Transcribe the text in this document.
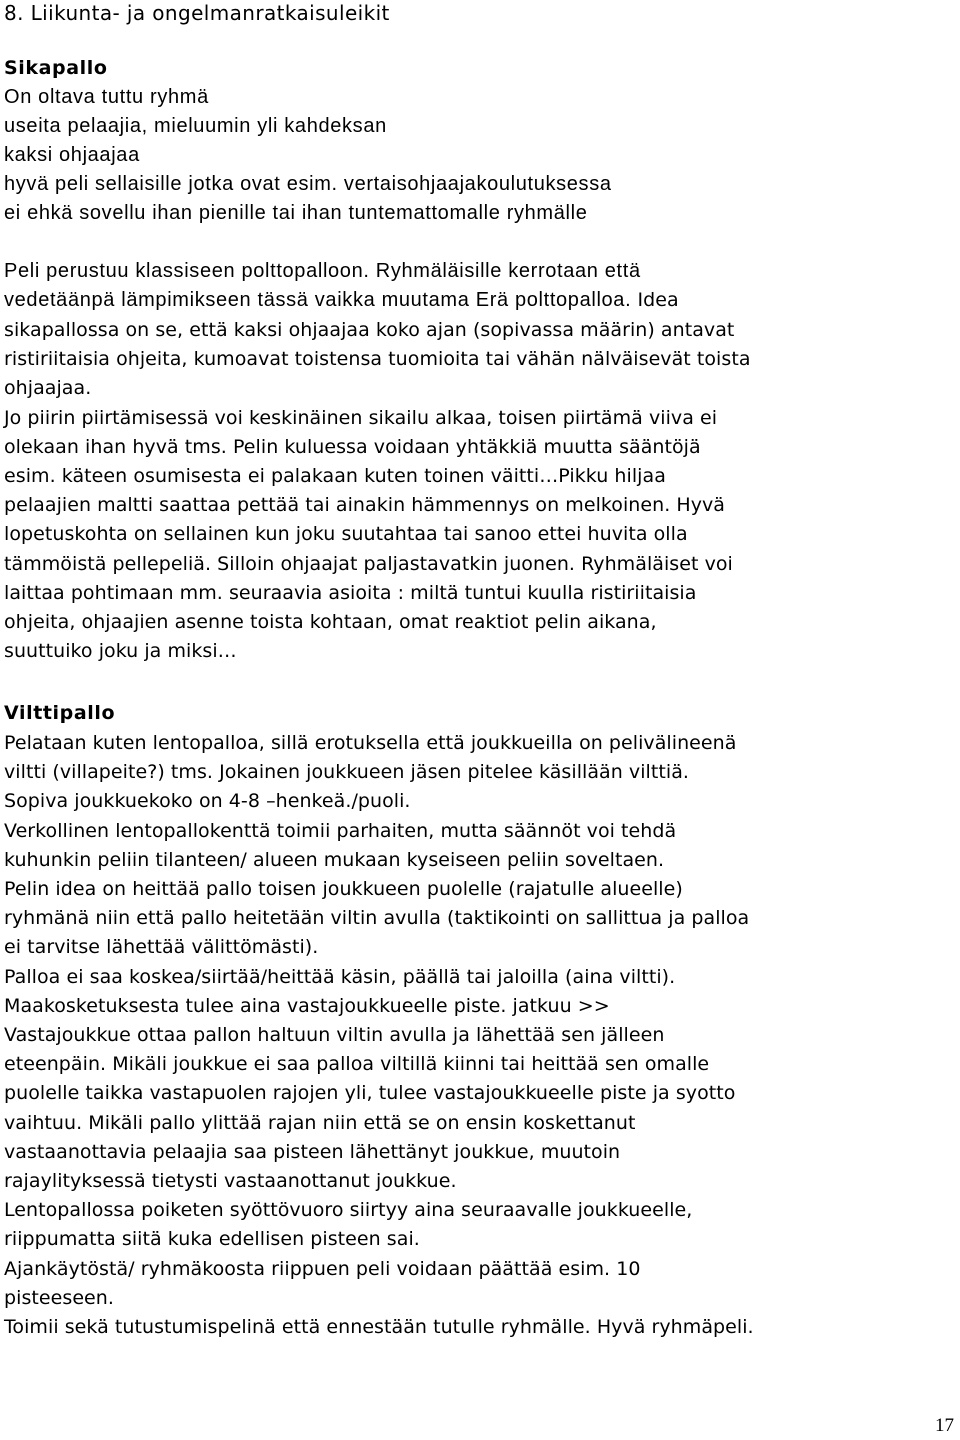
8. Liikunta- ja ongelmanratkaisuleikit
Sikapallo
On oltava tuttu ryhmä
useita pelaajia, mieluumin yli kahdeksan
kaksi ohjaajaa
hyvä peli sellaisille jotka ovat esim. vertaisohjaajakoulutuksessa
ei ehkä sovellu ihan pienille tai ihan tuntemattomalle ryhmälle
Peli perustuu klassiseen polttopalloon. Ryhmäläisille kerrotaan että
vedetäänpä lämpimikseen tässä vaikka muutama Erä polttopalloa. Idea
sikapallossa on se, että kaksi ohjaajaa koko ajan (sopivassa määrin) antavat
ristiriitaisia ohjeita, kumoavat toistensa tuomioita tai vähän nälväisevät toista
ohjaajaa.
Jo piirin piirtämisessä voi keskinäinen sikailu alkaa, toisen piirtämä viiva ei
olekaan ihan hyvä tms. Pelin kuluessa voidaan yhtäkkiä muutta sääntöjä
esim. käteen osumisesta ei palakaan kuten toinen väitti…Pikku hiljaa
pelaajien maltti saattaa pettää tai ainakin hämmennys on melkoinen. Hyvä
lopetuskohta on sellainen kun joku suutahtaa tai sanoo ettei huvita olla
tämmöistä pellepeliä. Silloin ohjaajat paljastavatkin juonen. Ryhmäläiset voi
laittaa pohtimaan mm. seuraavia asioita : miltä tuntui kuulla ristiriitaisia
ohjeita, ohjaajien asenne toista kohtaan, omat reaktiot pelin aikana,
suuttuiko joku ja miksi…
Vilttipallo
Pelataan kuten lentopalloa, sillä erotuksella että joukkueilla on pelivälineenä
viltti (villapeite?) tms. Jokainen joukkueen jäsen pitelee käsillään vilttiä.
Sopiva joukkuekoko on 4-8 –henkeä./puoli.
Verkollinen lentopallokenttä toimii parhaiten, mutta säännöt voi tehdä
kuhunkin peliin tilanteen/ alueen mukaan kyseiseen peliin soveltaen.
Pelin idea on heittää pallo toisen joukkueen puolelle (rajatulle alueelle)
ryhmänä niin että pallo heitetään viltin avulla (taktikointi on sallittua ja palloa
ei tarvitse lähettää välittömästi).
Palloa ei saa koskea/siirtää/heittää käsin, päällä tai jaloilla (aina viltti).
Maakosketuksesta tulee aina vastajoukkueelle piste. jatkuu >>
Vastajoukkue ottaa pallon haltuun viltin avulla ja lähettää sen jälleen
eteenpäin. Mikäli joukkue ei saa palloa viltillä kiinni tai heittää sen omalle
puolelle taikka vastapuolen rajojen yli, tulee vastajoukkueelle piste ja syotto
vaihtuu. Mikäli pallo ylittää rajan niin että se on ensin koskettanut
vastaanottavia pelaajia saa pisteen lähettänyt joukkue, muutoin
rajaylityksessä tietysti vastaanottanut joukkue.
Lentopallossa poiketen syöttövuoro siirtyy aina seuraavalle joukkueelle,
riippumatta siitä kuka edellisen pisteen sai.
Ajankäytöstä/ ryhmäkoosta riippuen peli voidaan päättää esim. 10
pisteeseen.
Toimii sekä tutustumispelinä että ennestään tutulle ryhmälle. Hyvä ryhmäpeli.
17
